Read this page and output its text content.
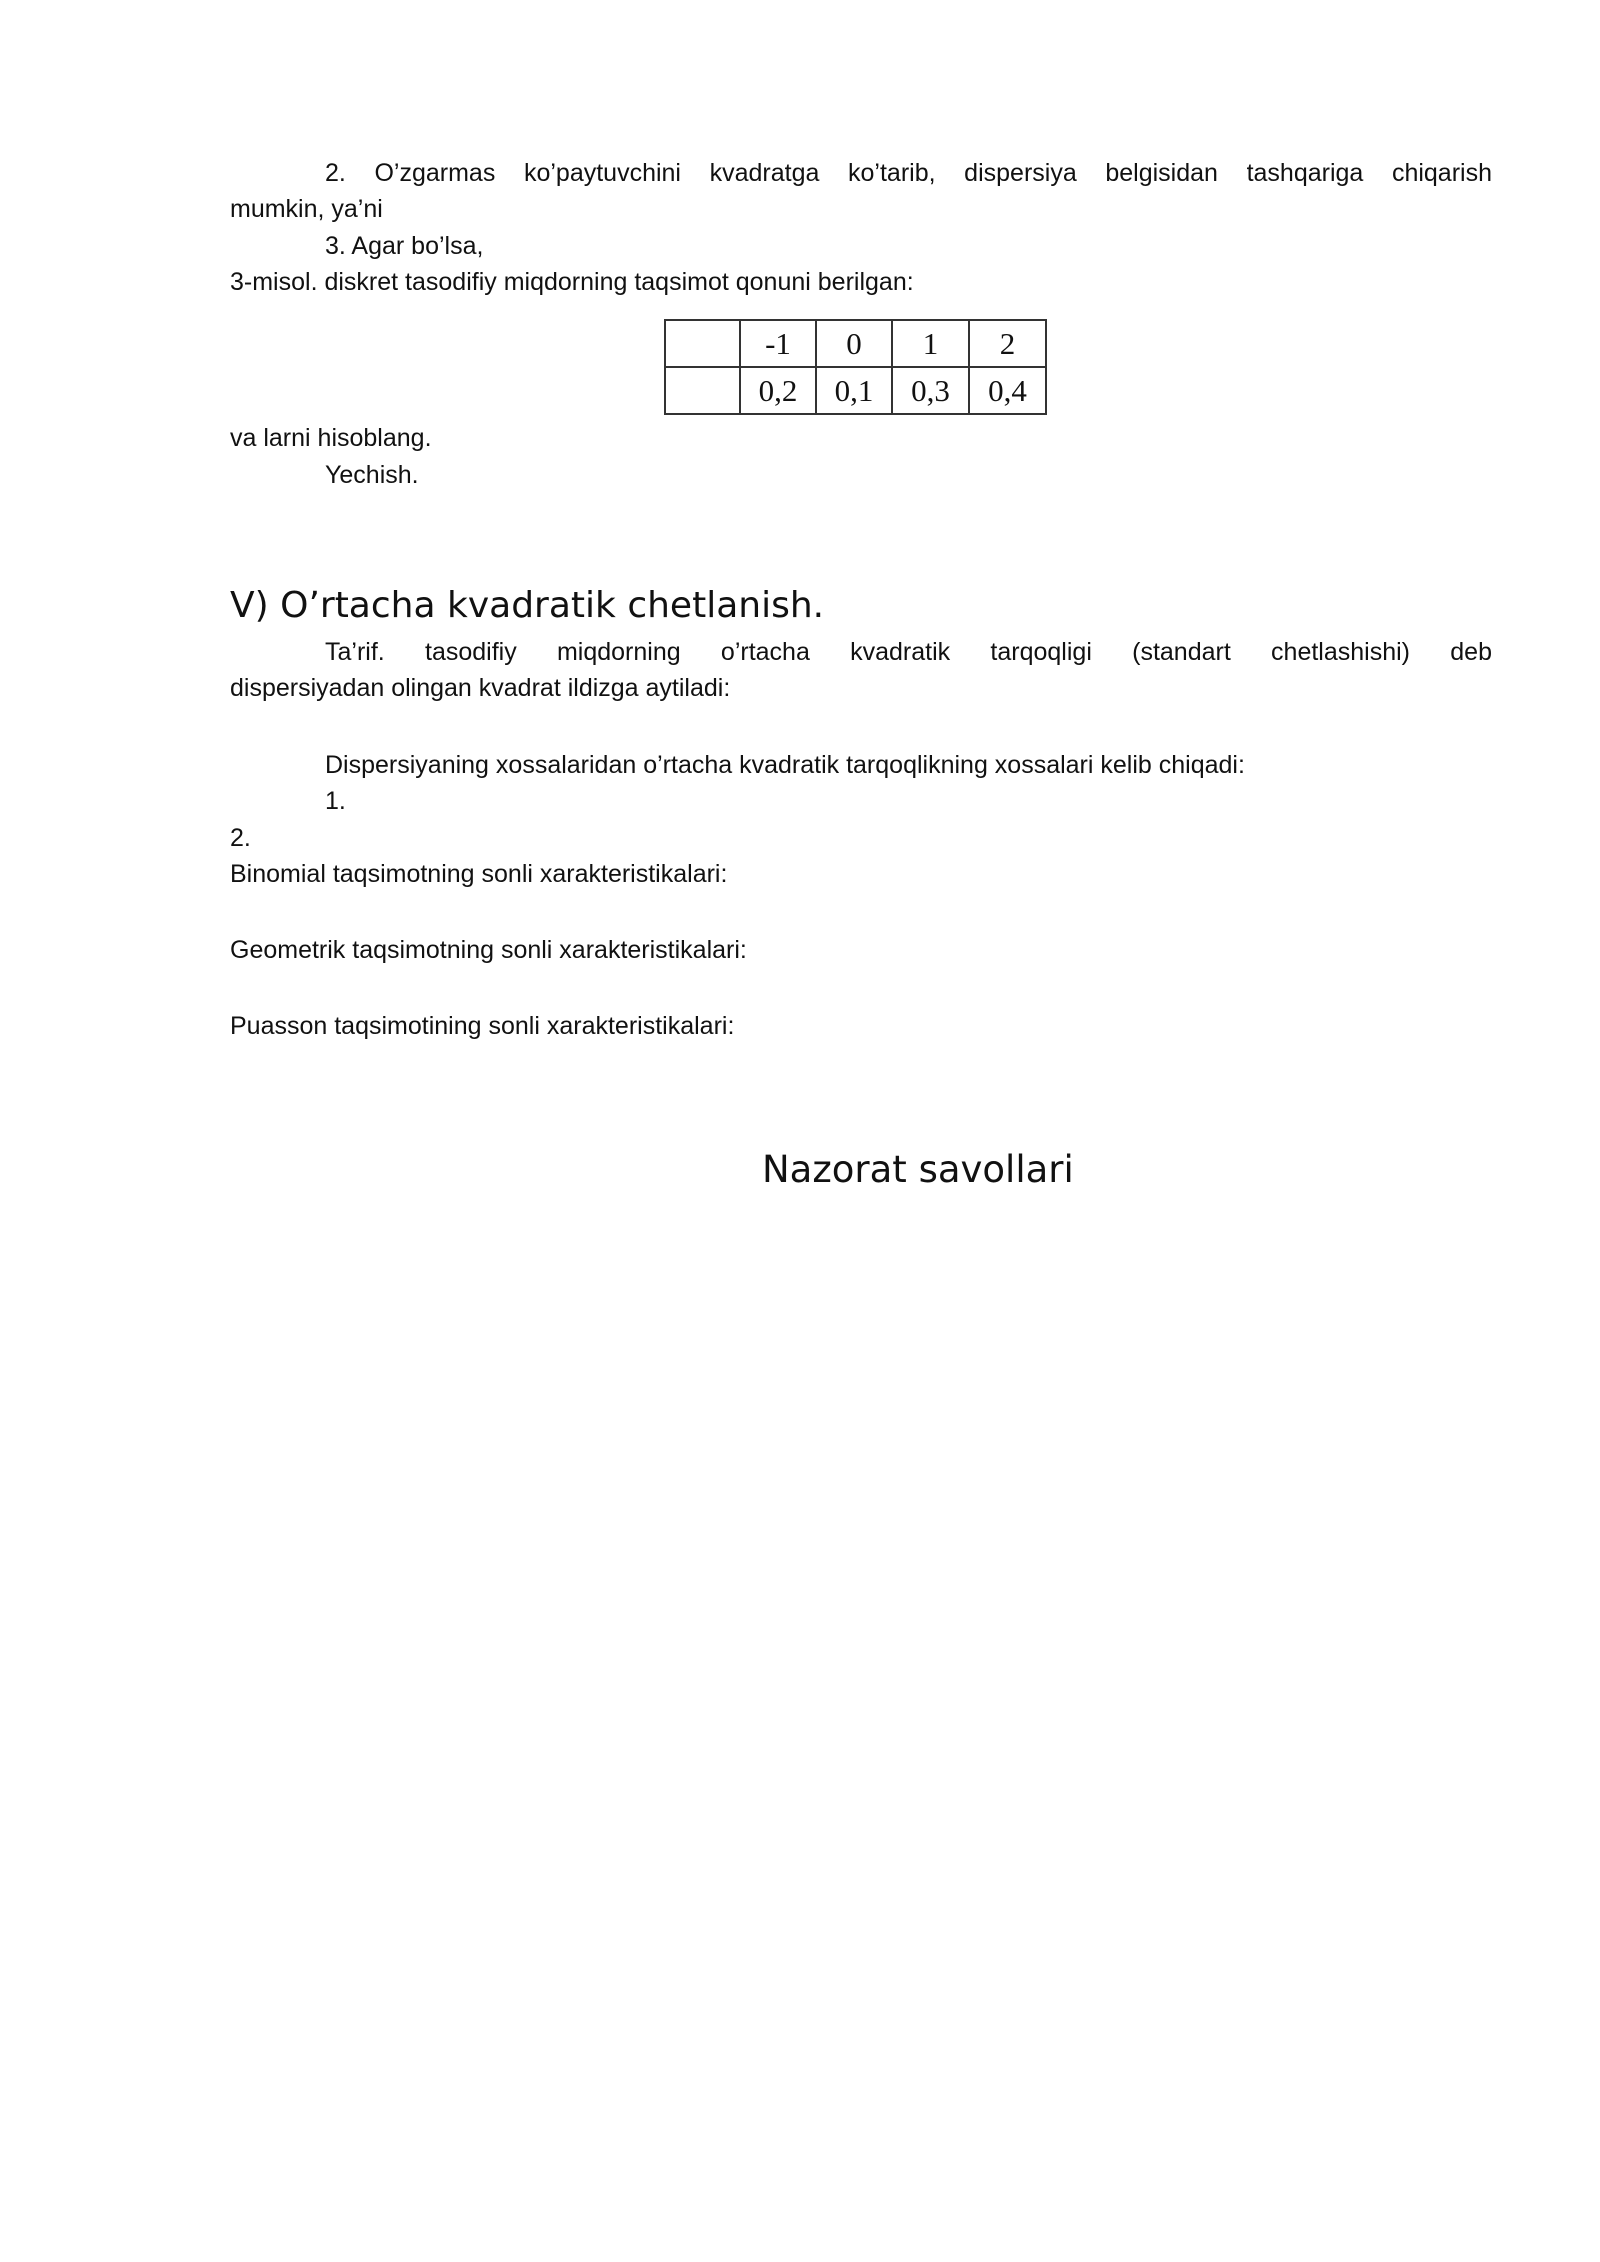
2. O’zgarmas ko’paytuvchini kvadratga ko’tarib, dispersiya belgisidan tashqariga chiqarish
mumkin, ya’ni
3. Agar bo’lsa,
3-misol. diskret tasodifiy miqdorning taqsimot qonuni berilgan:
	-1	0	1	2
	0,2	0,1	0,3	0,4
va larni hisoblang.
Yechish.
V) O’rtacha kvadratik chetlanish.
Ta’rif. tasodifiy miqdorning o’rtacha kvadratik tarqoqligi (standart chetlashishi) deb
dispersiyadan olingan kvadrat ildizga aytiladi:
Dispersiyaning xossalaridan o’rtacha kvadratik tarqoqlikning xossalari kelib chiqadi:
1.
2.
Binomial taqsimotning sonli xarakteristikalari:
Geometrik taqsimotning sonli xarakteristikalari:
Puasson taqsimotining sonli xarakteristikalari:
Nazorat savollari
